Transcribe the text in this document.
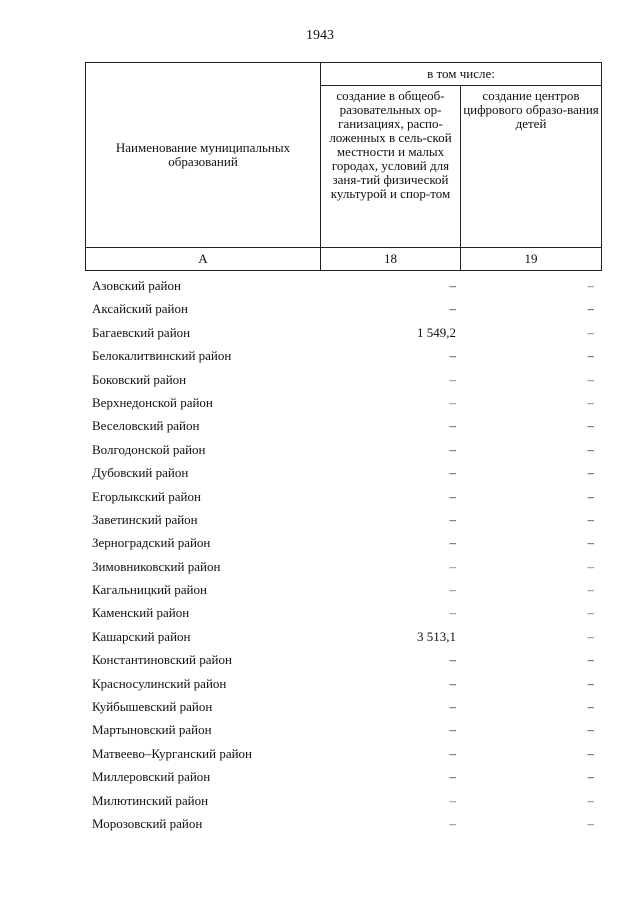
1943
Наименование муниципальных образований	в том числе:	
	создание в общеоб-разовательных ор-ганизациях, распо-ложенных в сель-ской местности и малых городах, условий для заня-тий физической культурой и спор-том	создание центров цифрового образо-вания детей
А	18	19
Азовский район	–	–
Аксайский район	–	–
Багаевский район	1 549,2	–
Белокалитвинский район	–	–
Боковский район	–	–
Верхнедонской район	–	–
Веселовский район	–	–
Волгодонской район	–	–
Дубовский район	–	–
Егорлыкский район	–	–
Заветинский район	–	–
Зерноградский район	–	–
Зимовниковский район	–	–
Кагальницкий район	–	–
Каменский район	–	–
Кашарский район	3 513,1	–
Константиновский район	–	–
Красносулинский район	–	–
Куйбышевский район	–	–
Мартыновский район	–	–
Матвеево–Курганский район	–	–
Миллеровский район	–	–
Милютинский район	–	–
Морозовский район	–	–
